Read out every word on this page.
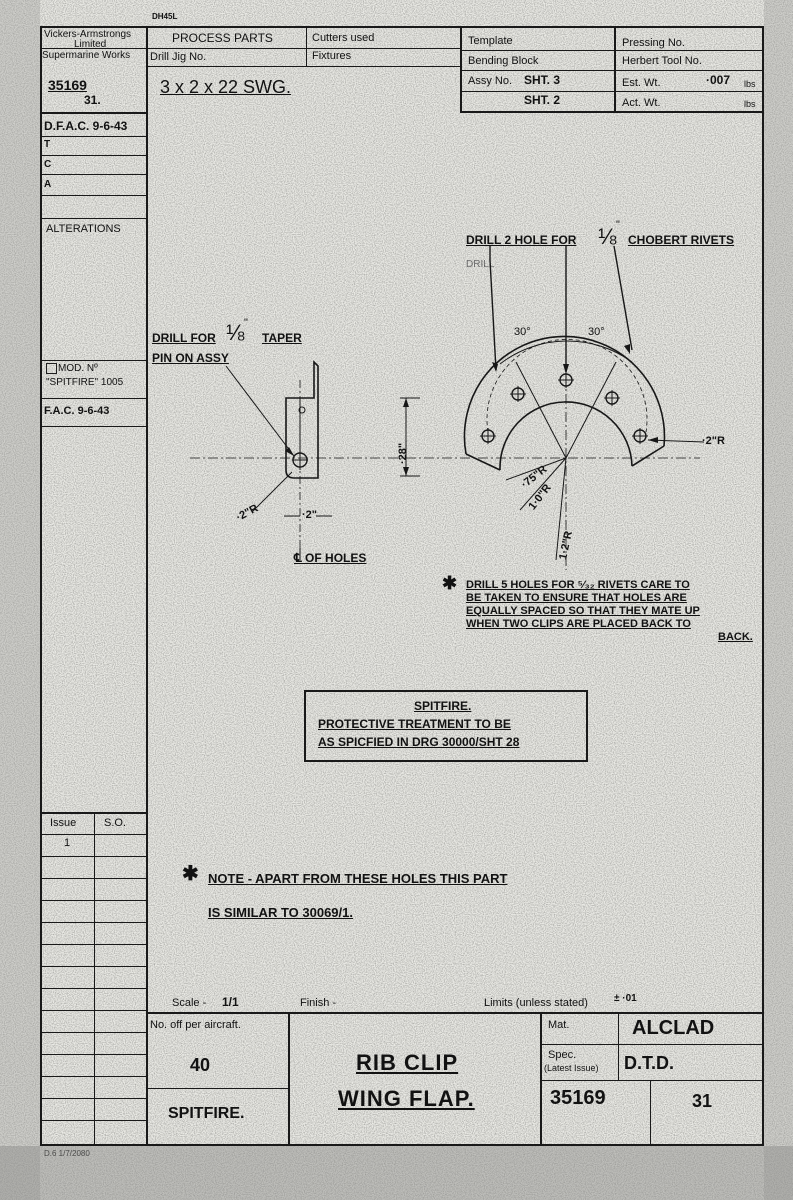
DH45L
Vickers-Armstrongs
Limited
Supermarine Works
PROCESS PARTS	Cutters used
Drill Jig No.	Fixtures
Template	Pressing No.
Bending Block	Herbert Tool No.
Assy No. SHT. 3
SHT. 2
Est. Wt.	·007 lbs
Act. Wt.	lbs
3 x 2 x 22 SWG.
35169
31.
D.F.A.C. 9-6-43
T
C
A
ALTERATIONS
MOD. Nº
"SPITFIRE" 1005
F.A.C. 9-6-43
Issue	S.O.
1
D.6 1/7/2080
DRILL 2 HOLE FOR ⅛ "
CHOBERT RIVETS
DRILL
DRILL FOR ⅛ "
TAPER
PIN ON ASSY
30°	30°
·28"
·2"R	·2"
·2"R
·75"R
1·0"R
1·2"R
℄ OF HOLES
✱ DRILL 5 HOLES FOR ⁵⁄₃₂ RIVETS CARE TO
BE TAKEN TO ENSURE THAT HOLES ARE
EQUALLY SPACED SO THAT THEY MATE UP
WHEN TWO CLIPS ARE PLACED BACK TO
BACK.
SPITFIRE.
PROTECTIVE TREATMENT TO BE
AS SPICFIED IN DRG 30000/SHT 28
✱ NOTE - APART FROM THESE HOLES THIS PART
IS SIMILAR TO 30069/1.
Scale - 1/1	Finish -	Limits (unless stated)	± ·01
No. off per aircraft.
40
SPITFIRE.
RIB CLIP
WING FLAP.
Mat.	ALCLAD
Spec.
(Latest Issue) D.T.D.
35169	31
